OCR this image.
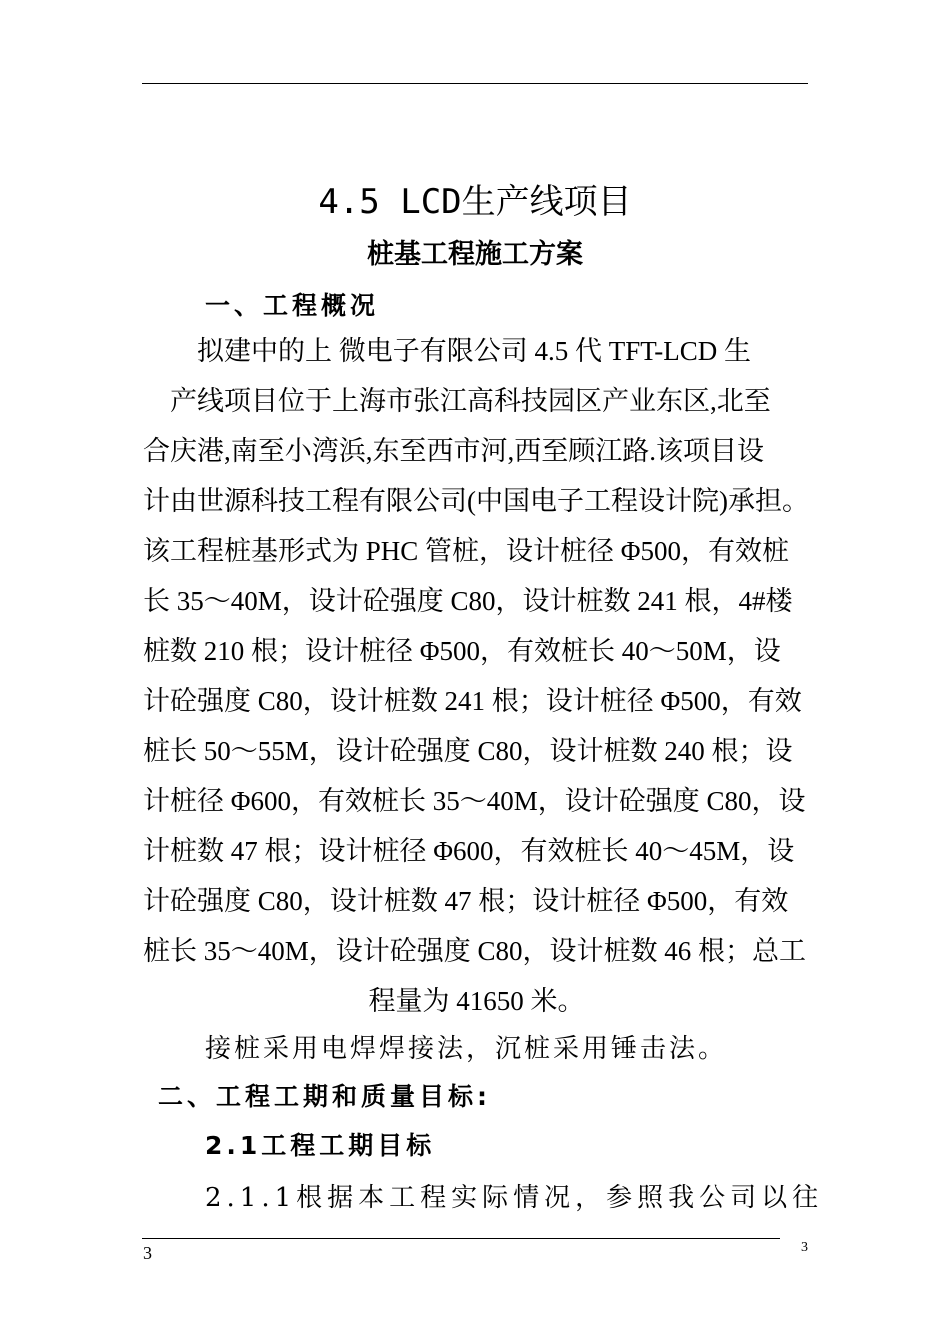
4.5 LCD生产线项目
桩基工程施工方案
一、工程概况
　　拟建中的上 微电子有限公司 4.5 代 TFT-LCD 生
　产线项目位于上海市张江高科技园区产业东区,北至
合庆港,南至小湾浜,东至西市河,西至顾江路.该项目设
计由世源科技工程有限公司(中国电子工程设计院)承担。
该工程桩基形式为 PHC 管桩，设计桩径 Φ500，有效桩
长 35～40M，设计砼强度 C80，设计桩数 241 根，4#楼
桩数 210 根；设计桩径 Φ500，有效桩长 40～50M，设
计砼强度 C80，设计桩数 241 根；设计桩径 Φ500，有效
桩长 50～55M，设计砼强度 C80，设计桩数 240 根；设
计桩径 Φ600，有效桩长 35～40M，设计砼强度 C80，设
计桩数 47 根；设计桩径 Φ600，有效桩长 40～45M，设
计砼强度 C80，设计桩数 47 根；设计桩径 Φ500，有效
桩长 35～40M，设计砼强度 C80，设计桩数 46 根；总工
程量为 41650 米。
接桩采用电焊焊接法，沉桩采用锤击法。
二、工程工期和质量目标:
2.1工程工期目标
2.1.1根据本工程实际情况，参照我公司以往
3	3
